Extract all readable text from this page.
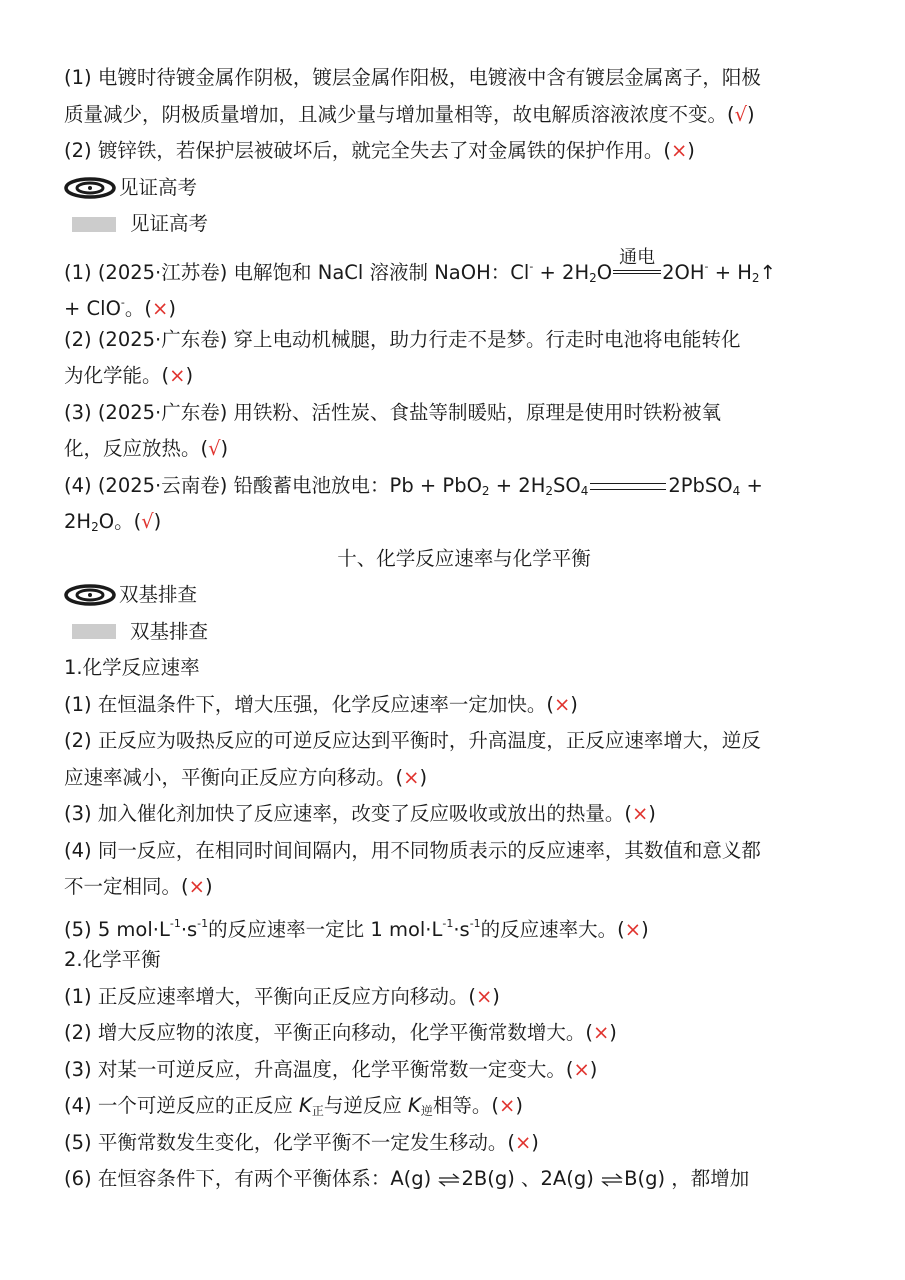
(1) 电镀时待镀金属作阴极，镀层金属作阳极，电镀液中含有镀层金属离子，阳极
质量减少，阴极质量增加，且减少量与增加量相等，故电解质溶液浓度不变。(√)
(2) 镀锌铁，若保护层被破坏后，就完全失去了对金属铁的保护作用。(×)
见证高考
见证高考
(1) (2025·江苏卷) 电解饱和 NaCl 溶液制 NaOH：$Cl^- + 2H_2O$
通电
$2OH^- + H_2↑$
+ ClO-。(×)
(2) (2025·广东卷) 穿上电动机械腿，助力行走不是梦。行走时电池将电能转化
为化学能。(×)
(3) (2025·广东卷) 用铁粉、活性炭、食盐等制暖贴，原理是使用时铁粉被氧
化，反应放热。(√)
(4) (2025·云南卷) 铅酸蓄电池放电：$Pb + PbO_2 + 2H_2SO_4$	2PbSO$_4$ +
$2H_2O$。(√)
十、化学反应速率与化学平衡
双基排查
双基排查
1.化学反应速率
(1) 在恒温条件下，增大压强，化学反应速率一定加快。(×)
(2) 正反应为吸热反应的可逆反应达到平衡时，升高温度，正反应速率增大，逆反
应速率减小，平衡向正反应方向移动。(×)
(3) 加入催化剂加快了反应速率，改变了反应吸收或放出的热量。(×)
(4) 同一反应，在相同时间间隔内，用不同物质表示的反应速率，其数值和意义都
不一定相同。(×)
(5) 5 $mol\cdot L^{-1}\cdot s^{-1}$的反应速率一定比 1 $mol\cdot L^{-1}\cdot s^{-1}$的反应速率大。(×)
2.化学平衡
(1) 正反应速率增大，平衡向正反应方向移动。(×)
(2) 增大反应物的浓度，平衡正向移动，化学平衡常数增大。(×)
(3) 对某一可逆反应，升高温度，化学平衡常数一定变大。(×)
(4) 一个可逆反应的正反应 $K_正$与逆反应 $K_逆$相等。(×)
(5) 平衡常数发生变化，化学平衡不一定发生移动。(×)
(6) 在恒容条件下，有两个平衡体系：A(g) ⇌2B(g) 、2A(g) ⇌B(g) ，都增加
